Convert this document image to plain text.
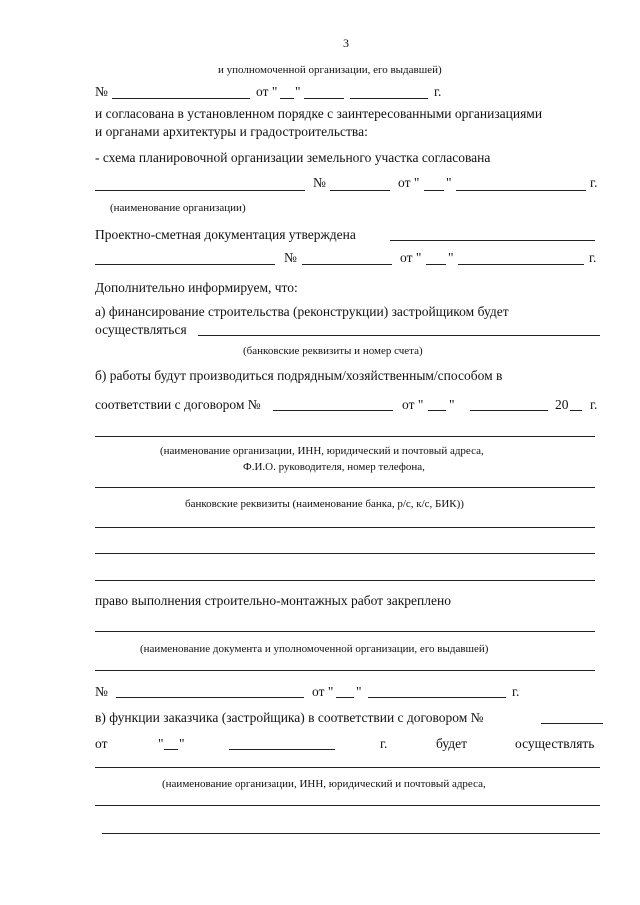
3
и уполномоченной организации, его выдавшей)
№	от " "	г.
и согласована в установленном порядке с заинтересованными организациями
и органами архитектуры и градостроительства:
- схема планировочной организации земельного участка согласована
№	от " "	г.
(наименование организации)
Проектно-сметная документация утверждена
№	от " "	г.
Дополнительно информируем, что:
а) финансирование строительства (реконструкции) застройщиком будет
осуществляться
(банковские реквизиты и номер счета)
б) работы будут производиться подрядным/хозяйственным/способом в
соответствии с договором №	от " "	20 г.
(наименование организации, ИНН, юридический и почтовый адреса,
Ф.И.О. руководителя, номер телефона,
банковские реквизиты (наименование банка, р/с, к/с, БИК))
право выполнения строительно-монтажных работ закреплено
(наименование документа и уполномоченной организации, его выдавшей)
№	от " "	г.
в) функции заказчика (застройщика) в соответствии с договором №
от	" "	г.	будет	осуществлять
(наименование организации, ИНН, юридический и почтовый адреса,
